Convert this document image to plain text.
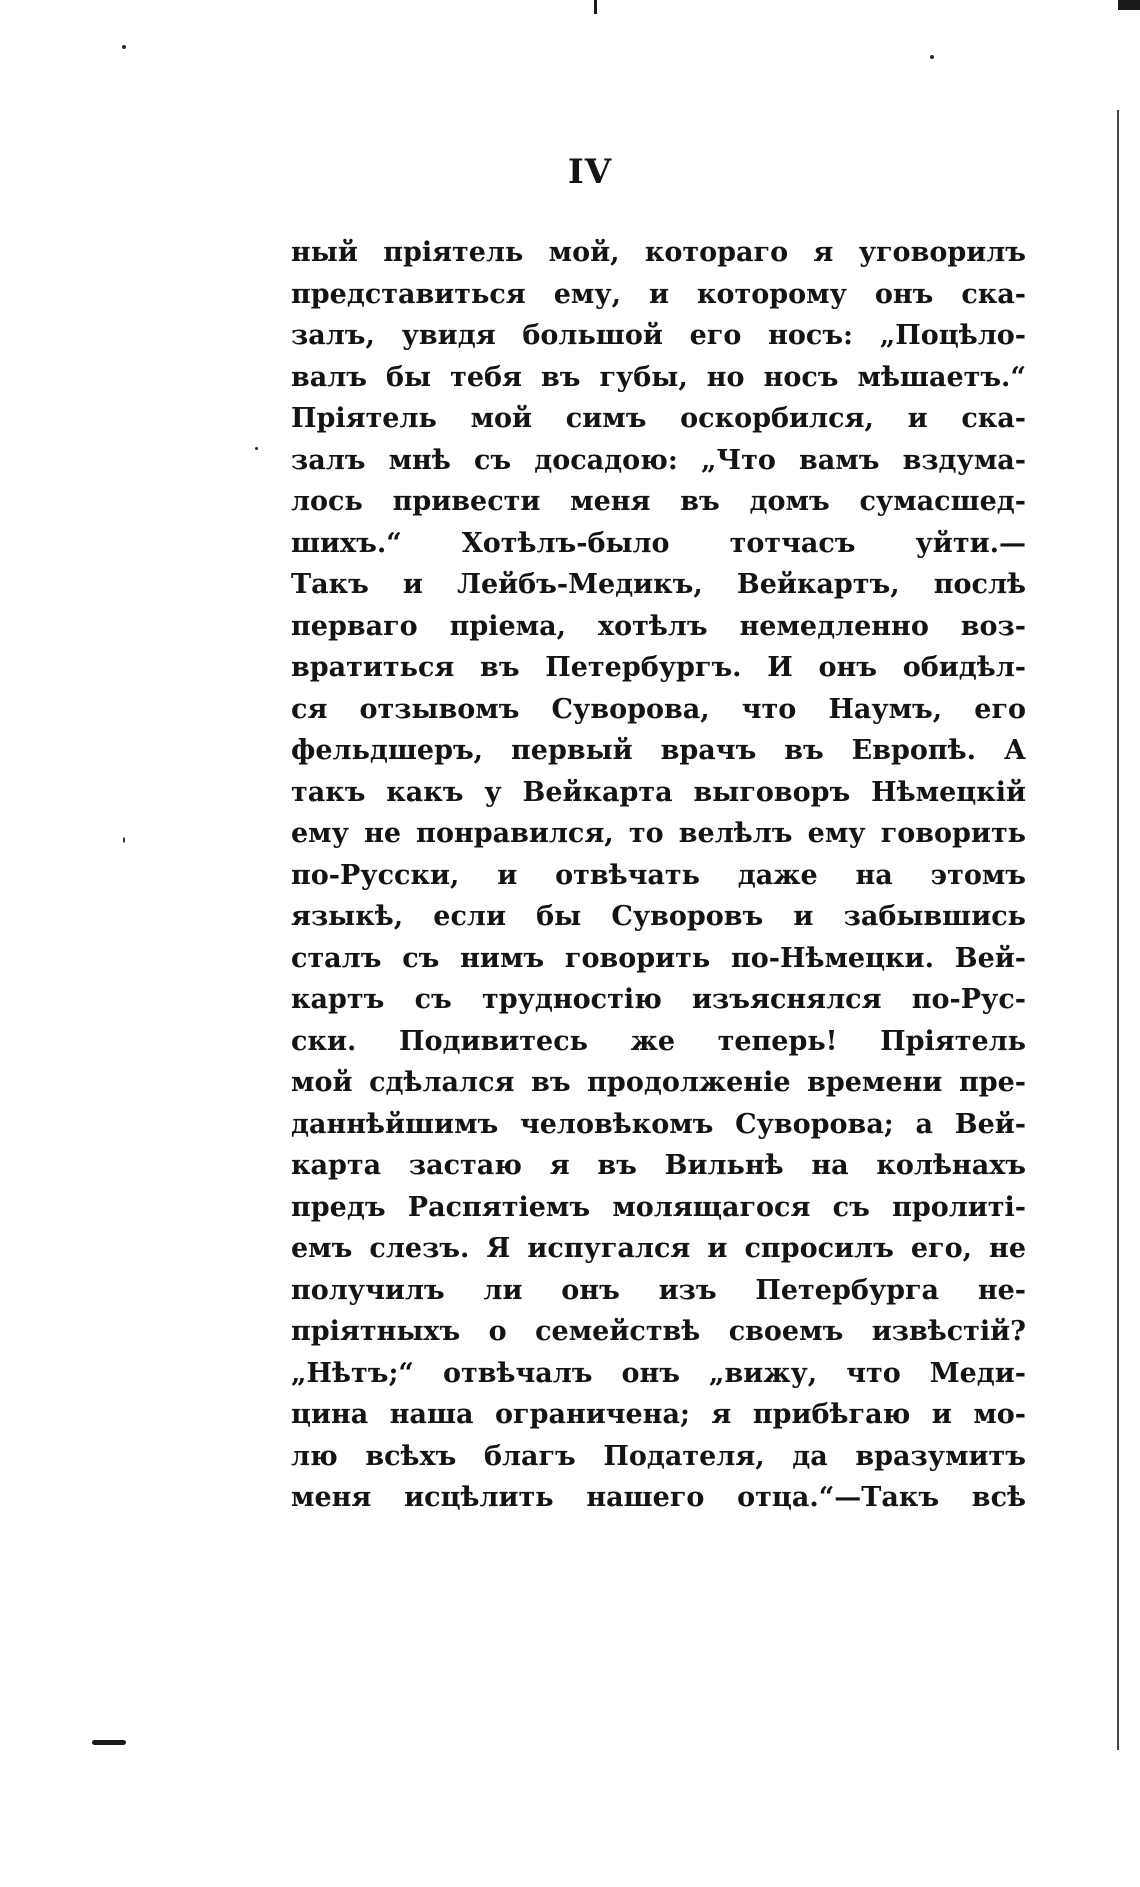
IV
ный пріятель мой, котораго я уговорилъ
представиться ему, и которому онъ ска-
залъ, увидя большой его носъ: „Поцѣло-
валъ бы тебя въ губы, но носъ мѣшаетъ.“
Пріятель мой симъ оскорбился, и ска-
залъ мнѣ съ досадою: „Что вамъ вздума-
лось привести меня въ домъ сумасшед-
шихъ.“ Хотѣлъ-было тотчасъ уйти.—
Такъ и Лейбъ-Медикъ, Вейкартъ, послѣ
перваго пріема, хотѣлъ немедленно воз-
вратиться въ Петербургъ. И онъ обидѣл-
ся отзывомъ Суворова, что Наумъ, его
фельдшеръ, первый врачъ въ Европѣ. А
такъ какъ у Вейкарта выговоръ Нѣмецкій
ему не понравился, то велѣлъ ему говорить
по-Русски, и отвѣчать даже на этомъ
языкѣ, если бы Суворовъ и забывшись
сталъ съ нимъ говорить по-Нѣмецки. Вей-
картъ съ трудностію изъяснялся по-Рус-
ски. Подивитесь же теперь! Пріятель
мой сдѣлался въ продолженіе времени пре-
даннѣйшимъ человѣкомъ Суворова; а Вей-
карта застаю я въ Вильнѣ на колѣнахъ
предъ Распятіемъ молящагося съ пролиті-
емъ слезъ. Я испугался и спросилъ его, не
получилъ ли онъ изъ Петербурга не-
пріятныхъ о семействѣ своемъ извѣстій?
„Нѣтъ;“ отвѣчалъ онъ „вижу, что Меди-
цина наша ограничена; я прибѣгаю и мо-
лю всѣхъ благъ Подателя, да вразумитъ
меня исцѣлить нашего отца.“—Такъ всѣ
